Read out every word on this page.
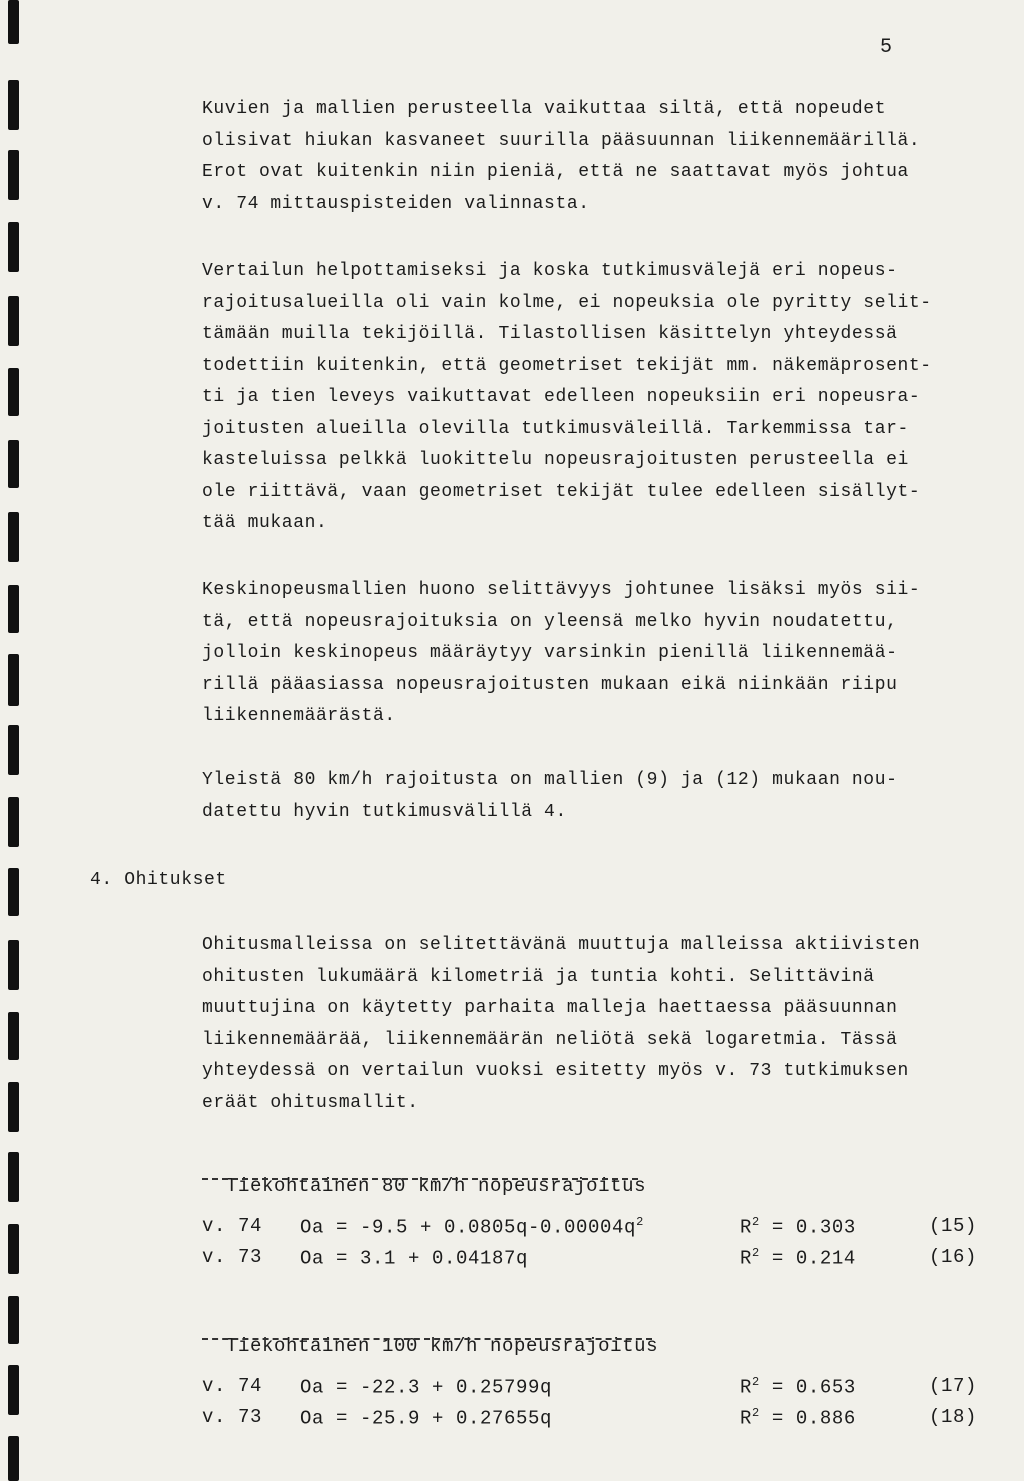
5

Kuvien ja mallien perusteella vaikuttaa siltä, että nopeudet
olisivat hiukan kasvaneet suurilla pääsuunnan liikennemäärillä.
Erot ovat kuitenkin niin pieniä, että ne saattavat myös johtua
v. 74 mittauspisteiden valinnasta.

Vertailun helpottamiseksi ja koska tutkimusvälejä eri nopeus-
rajoitusalueilla oli vain kolme, ei nopeuksia ole pyritty selit-
tämään muilla tekijöillä. Tilastollisen käsittelyn yhteydessä
todettiin kuitenkin, että geometriset tekijät mm. näkemäprosent-
ti ja tien leveys vaikuttavat edelleen nopeuksiin eri nopeusra-
joitusten alueilla olevilla tutkimusväleillä. Tarkemmissa tar-
kasteluissa pelkkä luokittelu nopeusrajoitusten perusteella ei
ole riittävä, vaan geometriset tekijät tulee edelleen sisällyt-
tää mukaan.

Keskinopeusmallien huono selittävyys johtunee lisäksi myös sii-
tä, että nopeusrajoituksia on yleensä melko hyvin noudatettu,
jolloin keskinopeus määräytyy varsinkin pienillä liikennemää-
rillä pääasiassa nopeusrajoitusten mukaan eikä niinkään riipu
liikennemäärästä.

Yleistä 80 km/h rajoitusta on mallien (9) ja (12) mukaan nou-
datettu hyvin tutkimusvälillä 4.

4. Ohitukset

Ohitusmalleissa on selitettävänä muuttuja malleissa aktiivisten
ohitusten lukumäärä kilometriä ja tuntia kohti. Selittävinä
muuttujina on käytetty parhaita malleja haettaessa pääsuunnan
liikennemäärää, liikennemäärän neliötä sekä logaretmia. Tässä
yhteydessä on vertailun vuoksi esitetty myös v. 73 tutkimuksen
eräät ohitusmallit.

Tiekohtainen 80 km/h nopeusrajoitus

v. 74 $Oa = -9.5 + 0.0805q-0.00004q^2$	$R^2 = 0.303$	(15)
v. 73 Oa = 3.1 + 0.04187q	$R^2 = 0.214$	(16)

Tiekohtainen 100 km/h nopeusrajoitus

v. 74 Oa = -22.3 + 0.25799q	$R^2 = 0.653$	(17)
v. 73 Oa = -25.9 + 0.27655q	$R^2 = 0.886$	(18)
